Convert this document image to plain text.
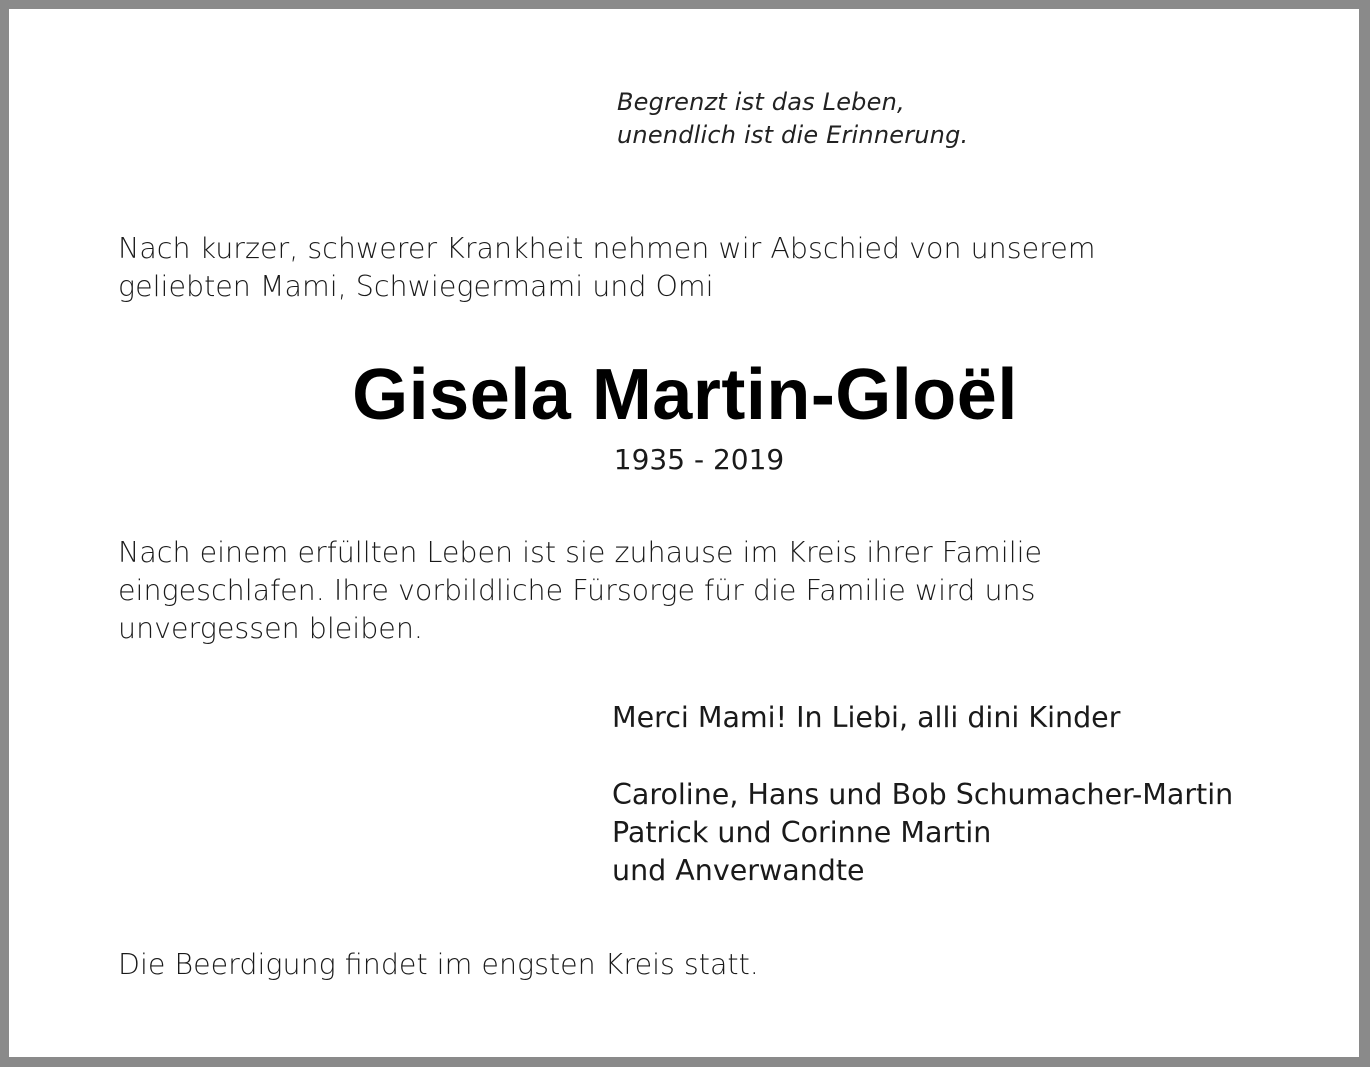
Begrenzt ist das Leben,
unendlich ist die Erinnerung.
Nach kurzer, schwerer Krankheit nehmen wir Abschied von unserem
geliebten Mami, Schwiegermami und Omi
Gisela Martin-Gloël
1935 - 2019
Nach einem erfüllten Leben ist sie zuhause im Kreis ihrer Familie
eingeschlafen. Ihre vorbildliche Fürsorge für die Familie wird uns
unvergessen bleiben.
Merci Mami! In Liebi, alli dini Kinder
Caroline, Hans und Bob Schumacher-Martin
Patrick und Corinne Martin
und Anverwandte
Die Beerdigung findet im engsten Kreis statt.
